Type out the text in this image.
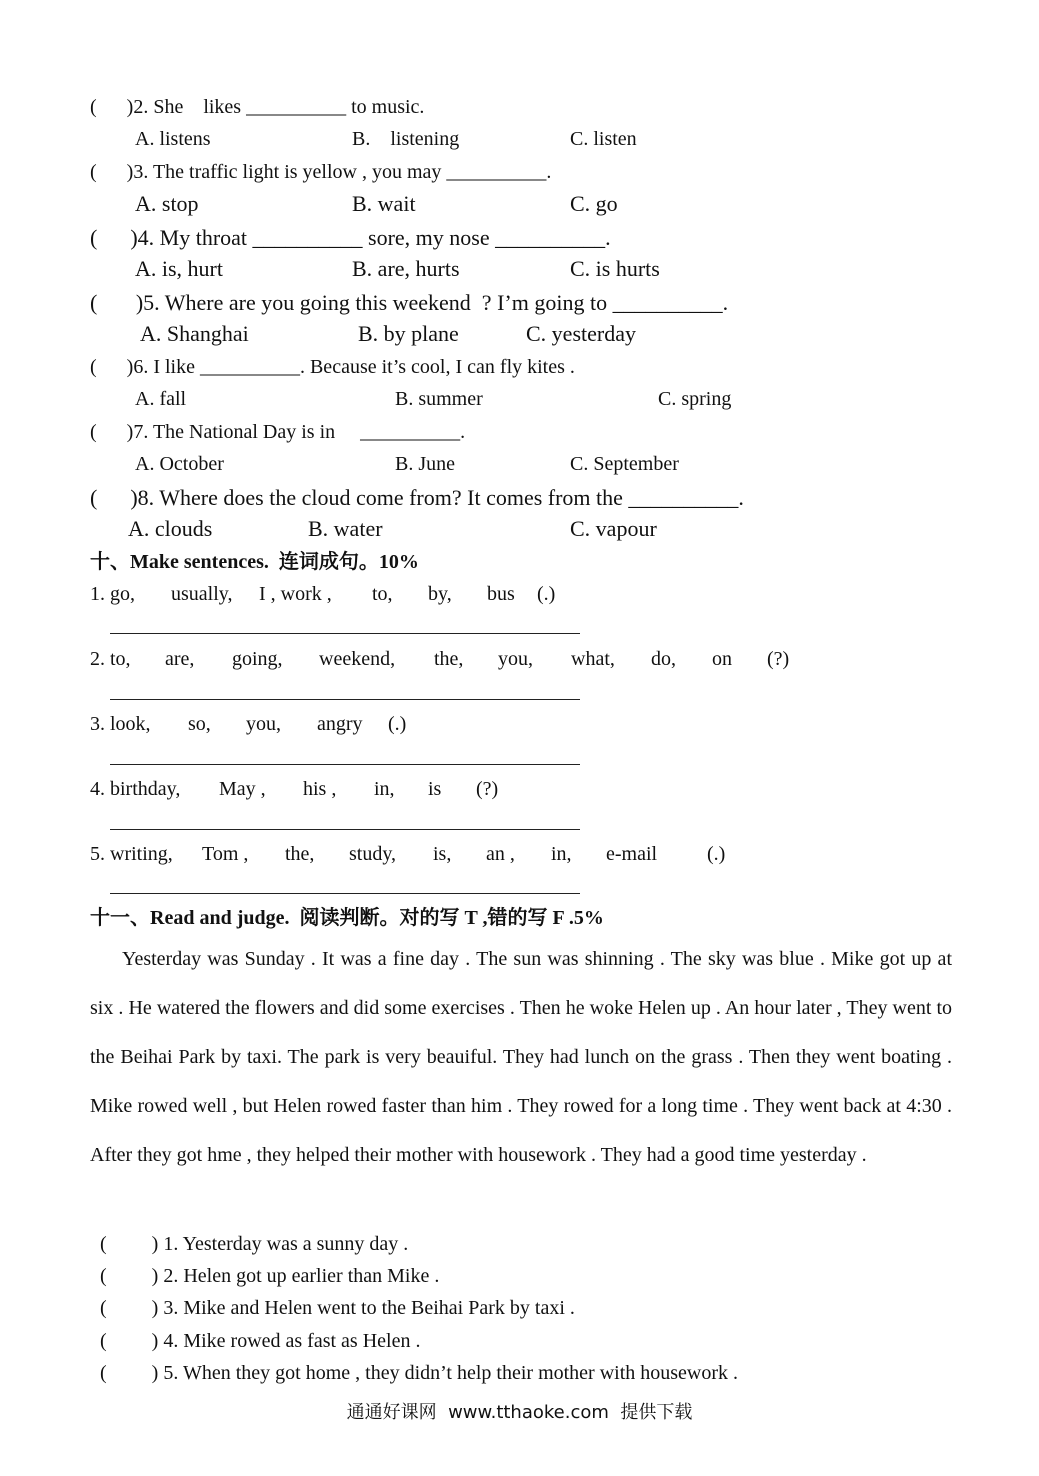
(      )2. She    likes __________ to music.
A. listens	B.    listening	C. listen
(      )3. The traffic light is yellow , you may __________.
A. stop	B. wait	C. go
(      )4. My throat __________ sore, my nose __________.
A. is, hurt	B. are, hurts	C. is hurts
(       )5. Where are you going this weekend  ? I’m going to __________.
A. Shanghai	B. by plane	C. yesterday
(      )6. I like __________. Because it’s cool, I can fly kites .
A. fall	B. summer	C. spring
(      )7. The National Day is in     __________.
A. October	B. June	C. September
(      )8. Where does the cloud come from? It comes from the __________.
A. clouds	B. water	C. vapour
十、Make sentences.  连词成句。10%
1. go, usually, I , work , to, by, bus (.)
2. to, are, going, weekend, the, you, what, do, on (?)
3. look, so, you, angry (.)
4. birthday, May , his , in, is (?)
5. writing, Tom , the, study, is, an , in, e-mail (.)
十一、Read and judge.  阅读判断。对的写 T ,错的写 F .5%
Yesterday was Sunday . It was a fine day . The sun was shinning . The sky was blue . Mike got up at six . He watered the flowers and did some exercises . Then he woke Helen up . An hour later , They went to the Beihai Park by taxi. The park is very beauiful. They had lunch on the grass . Then they went boating . Mike rowed well , but Helen rowed faster than him . They rowed for a long time . They went back at 4:30 . After they got hme , they helped their mother with housework . They had a good time yesterday .
(         ) 1. Yesterday was a sunny day .
(         ) 2. Helen got up earlier than Mike .
(         ) 3. Mike and Helen went to the Beihai Park by taxi .
(         ) 4. Mike rowed as fast as Helen .
(         ) 5. When they got home , they didn’t help their mother with housework .
通通好课网  www.tthaoke.com  提供下载
